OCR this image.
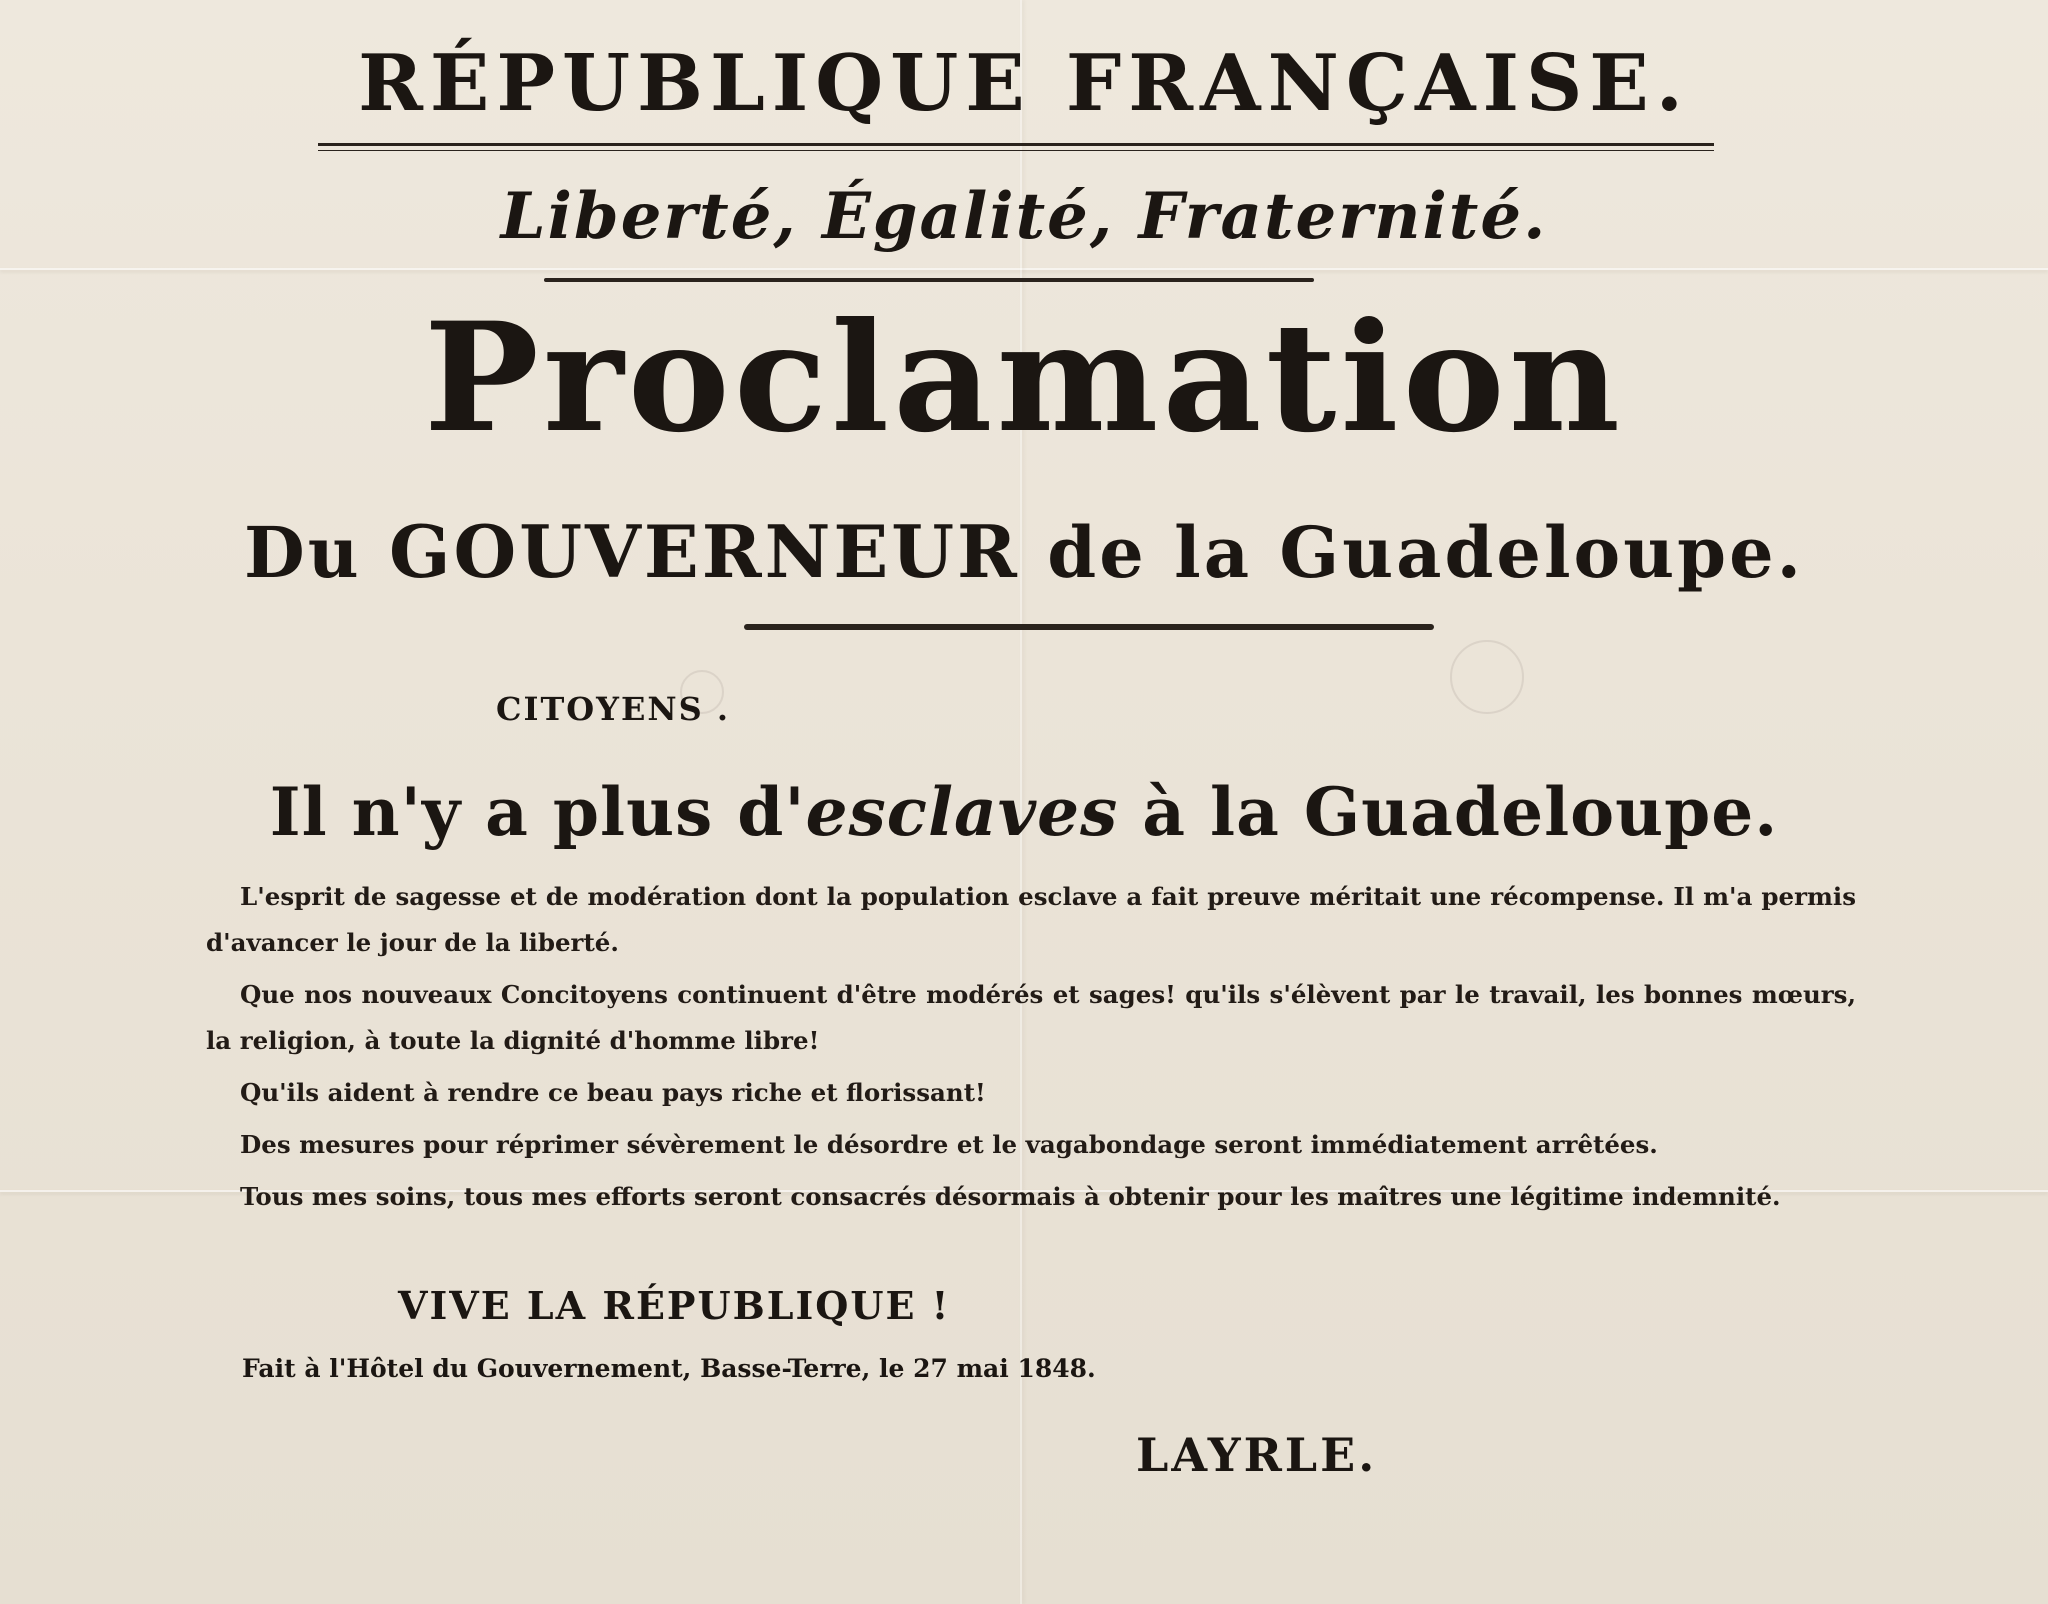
RÉPUBLIQUE FRANÇAISE.
Liberté, Égalité, Fraternité.
Proclamation
Du GOUVERNEUR de la Guadeloupe.
CITOYENS .
Il n'y a plus d'esclaves à la Guadeloupe.

L'esprit de sagesse et de modération dont la population esclave a fait preuve méritait une récompense. Il m'a permis d'avancer le jour de la liberté.

Que nos nouveaux Concitoyens continuent d'être modérés et sages! qu'ils s'élèvent par le travail, les bonnes mœurs, la religion, à toute la dignité d'homme libre!

Qu'ils aident à rendre ce beau pays riche et florissant!

Des mesures pour réprimer sévèrement le désordre et le vagabondage seront immédiatement arrêtées.

Tous mes soins, tous mes efforts seront consacrés désormais à obtenir pour les maîtres une légitime indemnité.

VIVE LA RÉPUBLIQUE !
Fait à l'Hôtel du Gouvernement, Basse-Terre, le 27 mai 1848.
LAYRLE.
